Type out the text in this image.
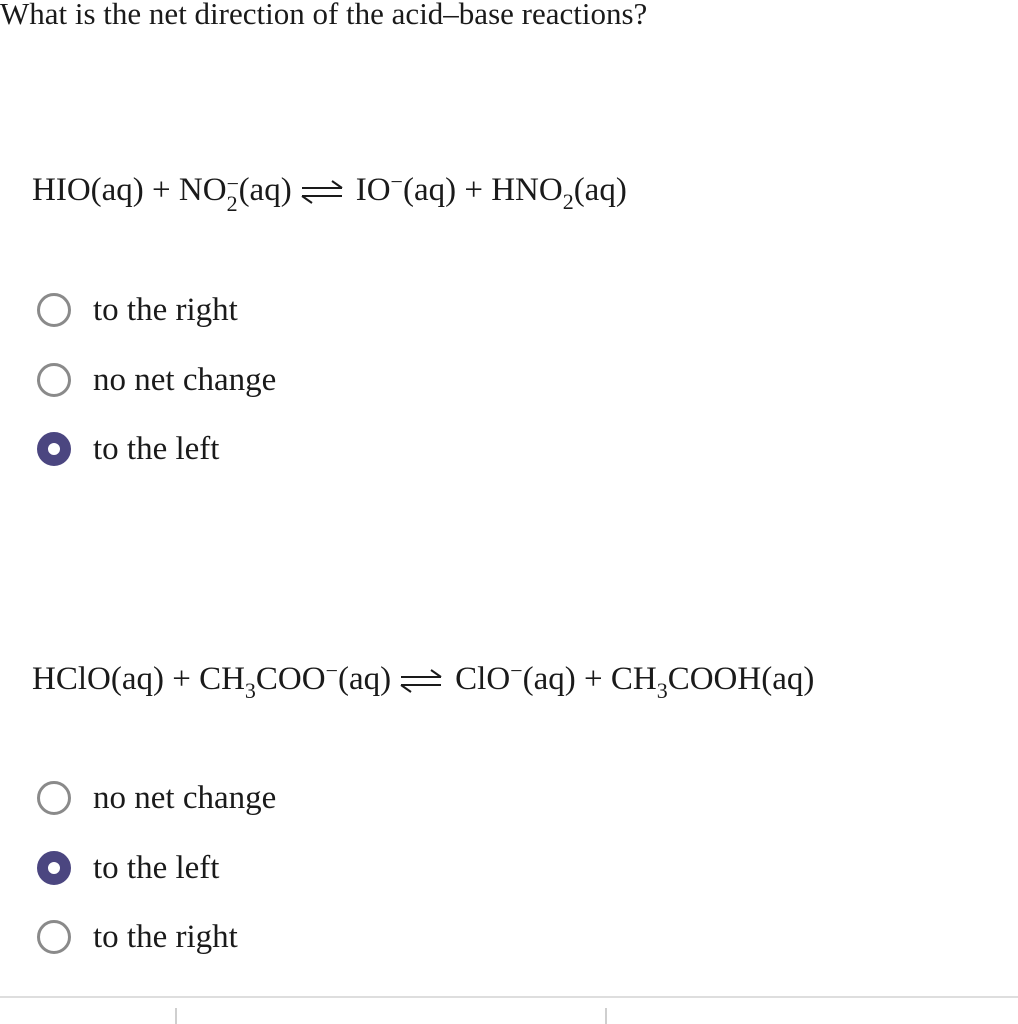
What is the net direction of the acid–base reactions?
HIO(aq) + NO −
2 (aq) ⇌ $IO^-(aq) + HNO_2(aq)$
to the right
no net change
to the left
HClO(aq) + $CH_3COO^-(aq)$ ⇌ $ClO^-(aq) + CH_3COOH(aq)$
no net change
to the left
to the right
